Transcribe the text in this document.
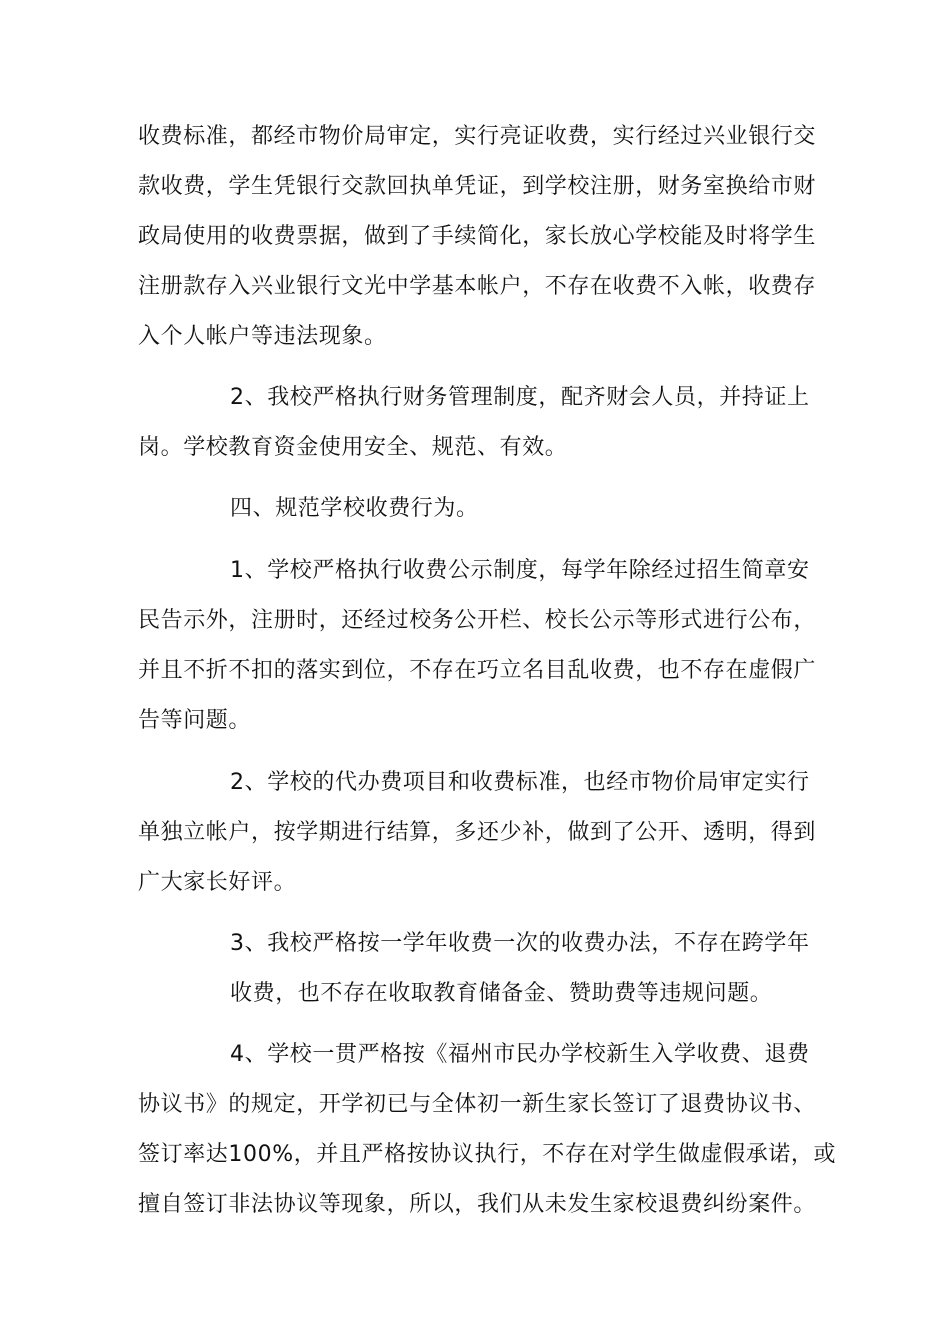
收费标准，都经市物价局审定，实行亮证收费，实行经过兴业银行交
款收费，学生凭银行交款回执单凭证，到学校注册，财务室换给市财
政局使用的收费票据，做到了手续简化，家长放心学校能及时将学生
注册款存入兴业银行文光中学基本帐户，不存在收费不入帐，收费存
入个人帐户等违法现象。
2、我校严格执行财务管理制度，配齐财会人员，并持证上
岗。学校教育资金使用安全、规范、有效。
四、规范学校收费行为。
1、学校严格执行收费公示制度，每学年除经过招生简章安
民告示外，注册时，还经过校务公开栏、校长公示等形式进行公布，
并且不折不扣的落实到位，不存在巧立名目乱收费，也不存在虚假广
告等问题。
2、学校的代办费项目和收费标准，也经市物价局审定实行
单独立帐户，按学期进行结算，多还少补，做到了公开、透明，得到
广大家长好评。
3、我校严格按一学年收费一次的收费办法，不存在跨学年
收费，也不存在收取教育储备金、赞助费等违规问题。
4、学校一贯严格按《福州市民办学校新生入学收费、退费
协议书》的规定，开学初已与全体初一新生家长签订了退费协议书、
签订率达100%，并且严格按协议执行，不存在对学生做虚假承诺，或
擅自签订非法协议等现象，所以，我们从未发生家校退费纠纷案件。
